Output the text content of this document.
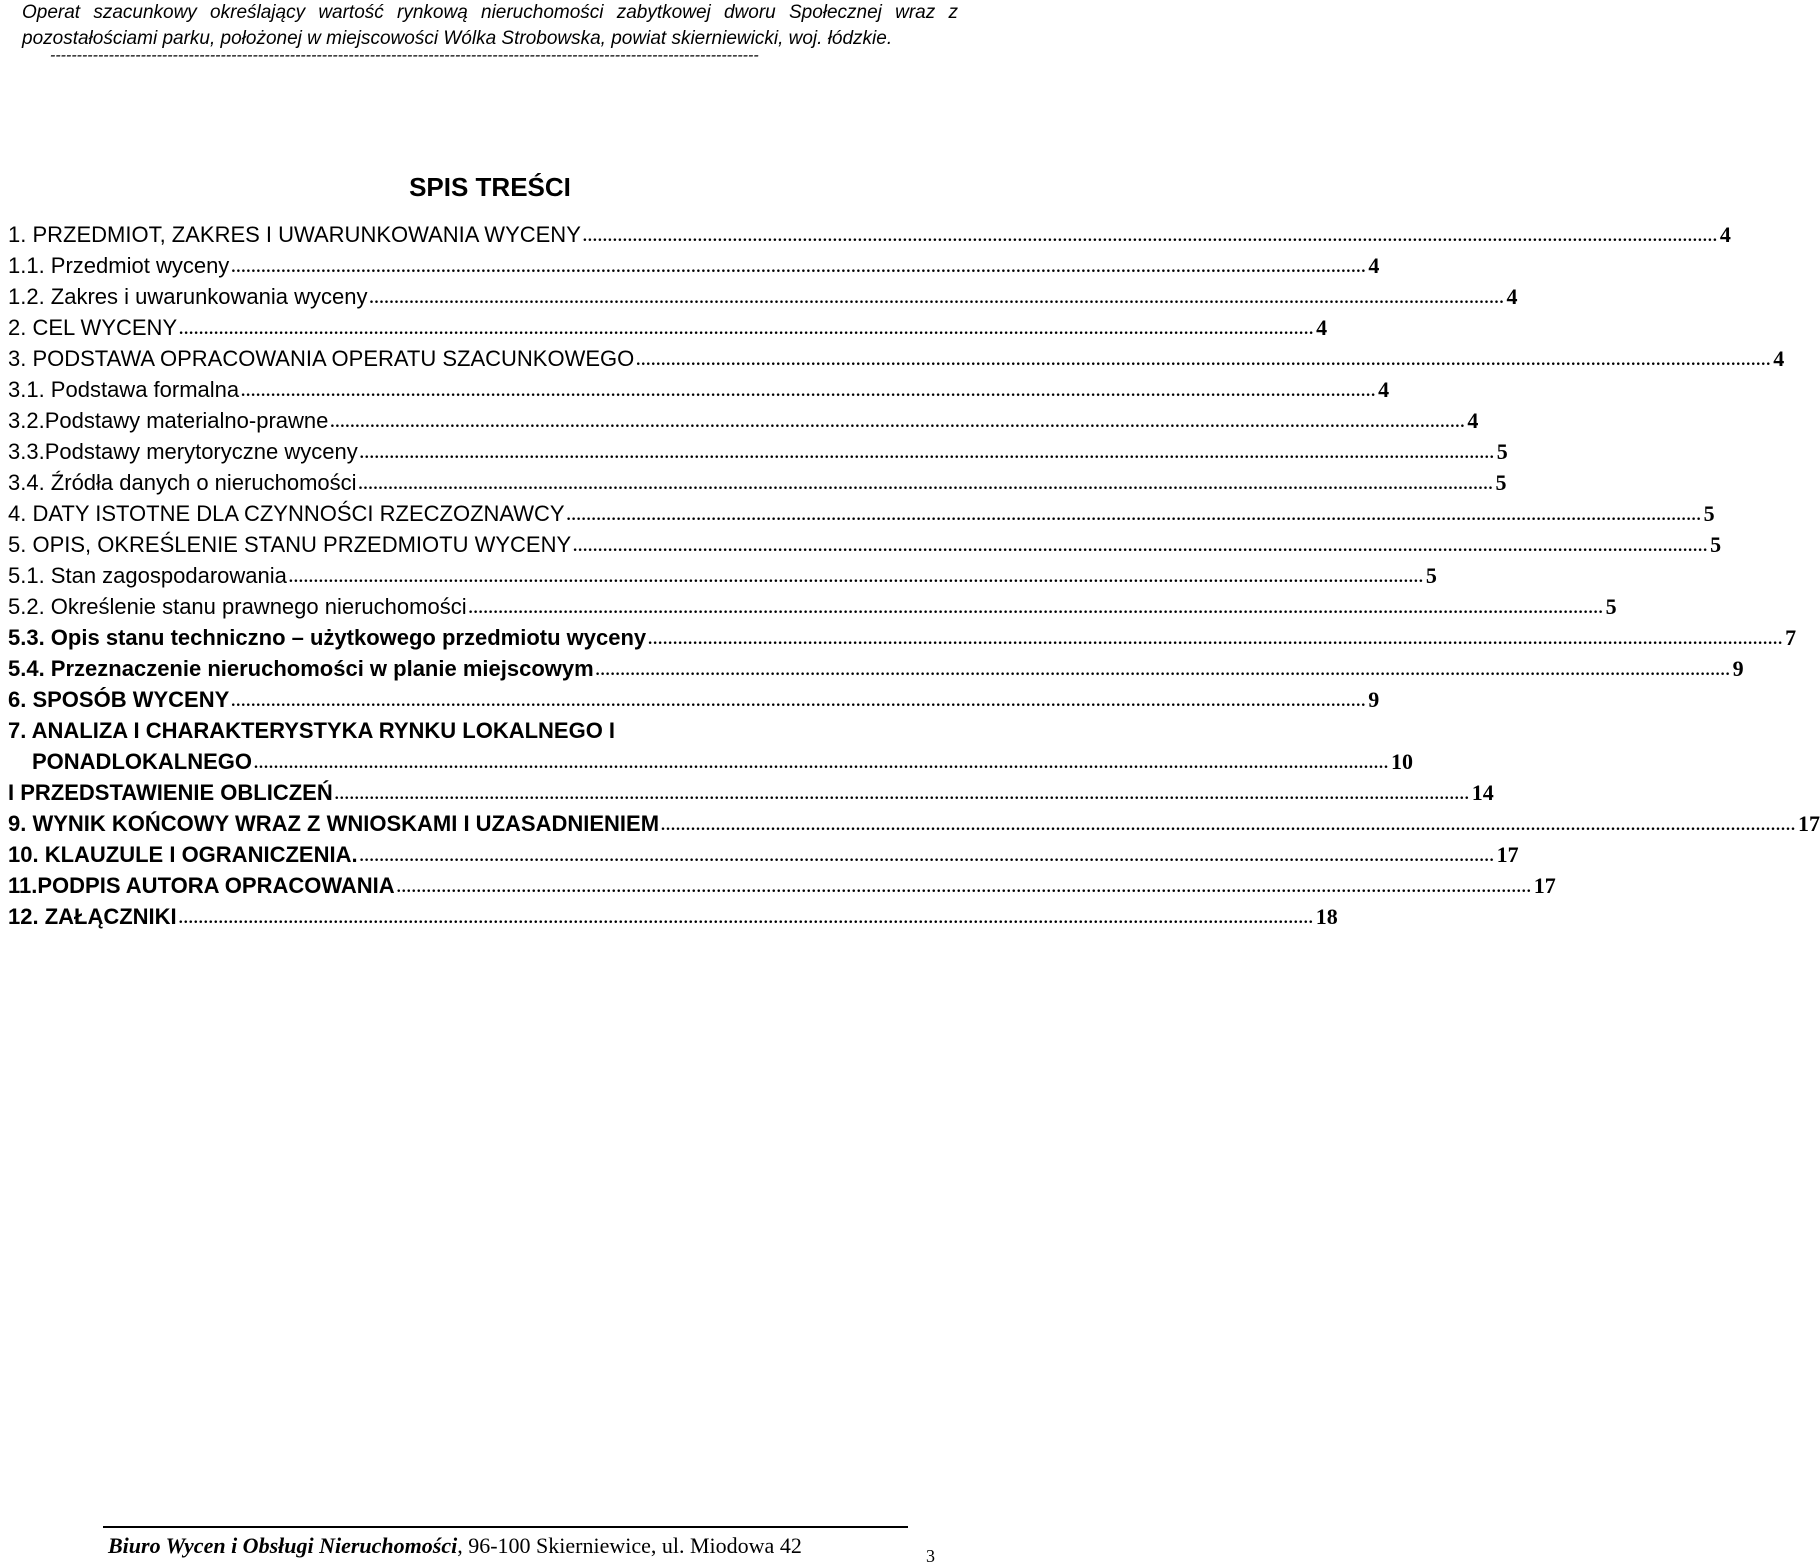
Operat szacunkowy określający wartość rynkową nieruchomości zabytkowej dworu Społecznej wraz z
pozostałościami parku, położonej w miejscowości Wólka Strobowska, powiat skierniewicki, woj. łódzkie.
-------------------------------------------------------------------------------------------------------------------------------------
SPIS TREŚCI
1. PRZEDMIOT, ZAKRES I UWARUNKOWANIA WYCENY ................................................................................................................................................................................................................................... 4
1.1. Przedmiot wyceny ................................................................................................................................................................................................................................... 4
1.2. Zakres i uwarunkowania wyceny ................................................................................................................................................................................................................................... 4
2. CEL WYCENY ................................................................................................................................................................................................................................... 4
3. PODSTAWA OPRACOWANIA OPERATU SZACUNKOWEGO ................................................................................................................................................................................................................................... 4
3.1. Podstawa formalna ................................................................................................................................................................................................................................... 4
3.2.Podstawy materialno-prawne ................................................................................................................................................................................................................................... 4
3.3.Podstawy merytoryczne wyceny ................................................................................................................................................................................................................................... 5
3.4. Źródła danych o nieruchomości ................................................................................................................................................................................................................................... 5
4. DATY ISTOTNE DLA CZYNNOŚCI RZECZOZNAWCY ................................................................................................................................................................................................................................... 5
5. OPIS, OKREŚLENIE STANU PRZEDMIOTU WYCENY ................................................................................................................................................................................................................................... 5
5.1. Stan zagospodarowania ................................................................................................................................................................................................................................... 5
5.2. Określenie stanu prawnego nieruchomości ................................................................................................................................................................................................................................... 5
5.3. Opis stanu techniczno – użytkowego przedmiotu wyceny ................................................................................................................................................................................................................................... 7
5.4. Przeznaczenie nieruchomości w planie miejscowym ................................................................................................................................................................................................................................... 9
6. SPOSÓB WYCENY ................................................................................................................................................................................................................................... 9
7. ANALIZA I CHARAKTERYSTYKA RYNKU LOKALNEGO I
PONADLOKALNEGO ................................................................................................................................................................................................................................... 10
I PRZEDSTAWIENIE OBLICZEŃ ................................................................................................................................................................................................................................... 14
9. WYNIK KOŃCOWY WRAZ Z WNIOSKAMI I UZASADNIENIEM ................................................................................................................................................................................................................................... 17
10. KLAUZULE I OGRANICZENIA. ................................................................................................................................................................................................................................... 17
11.PODPIS AUTORA OPRACOWANIA ................................................................................................................................................................................................................................... 17
12. ZAŁĄCZNIKI ................................................................................................................................................................................................................................... 18
Biuro Wycen i Obsługi Nieruchomości, 96-100 Skierniewice, ul. Miodowa 42	3
